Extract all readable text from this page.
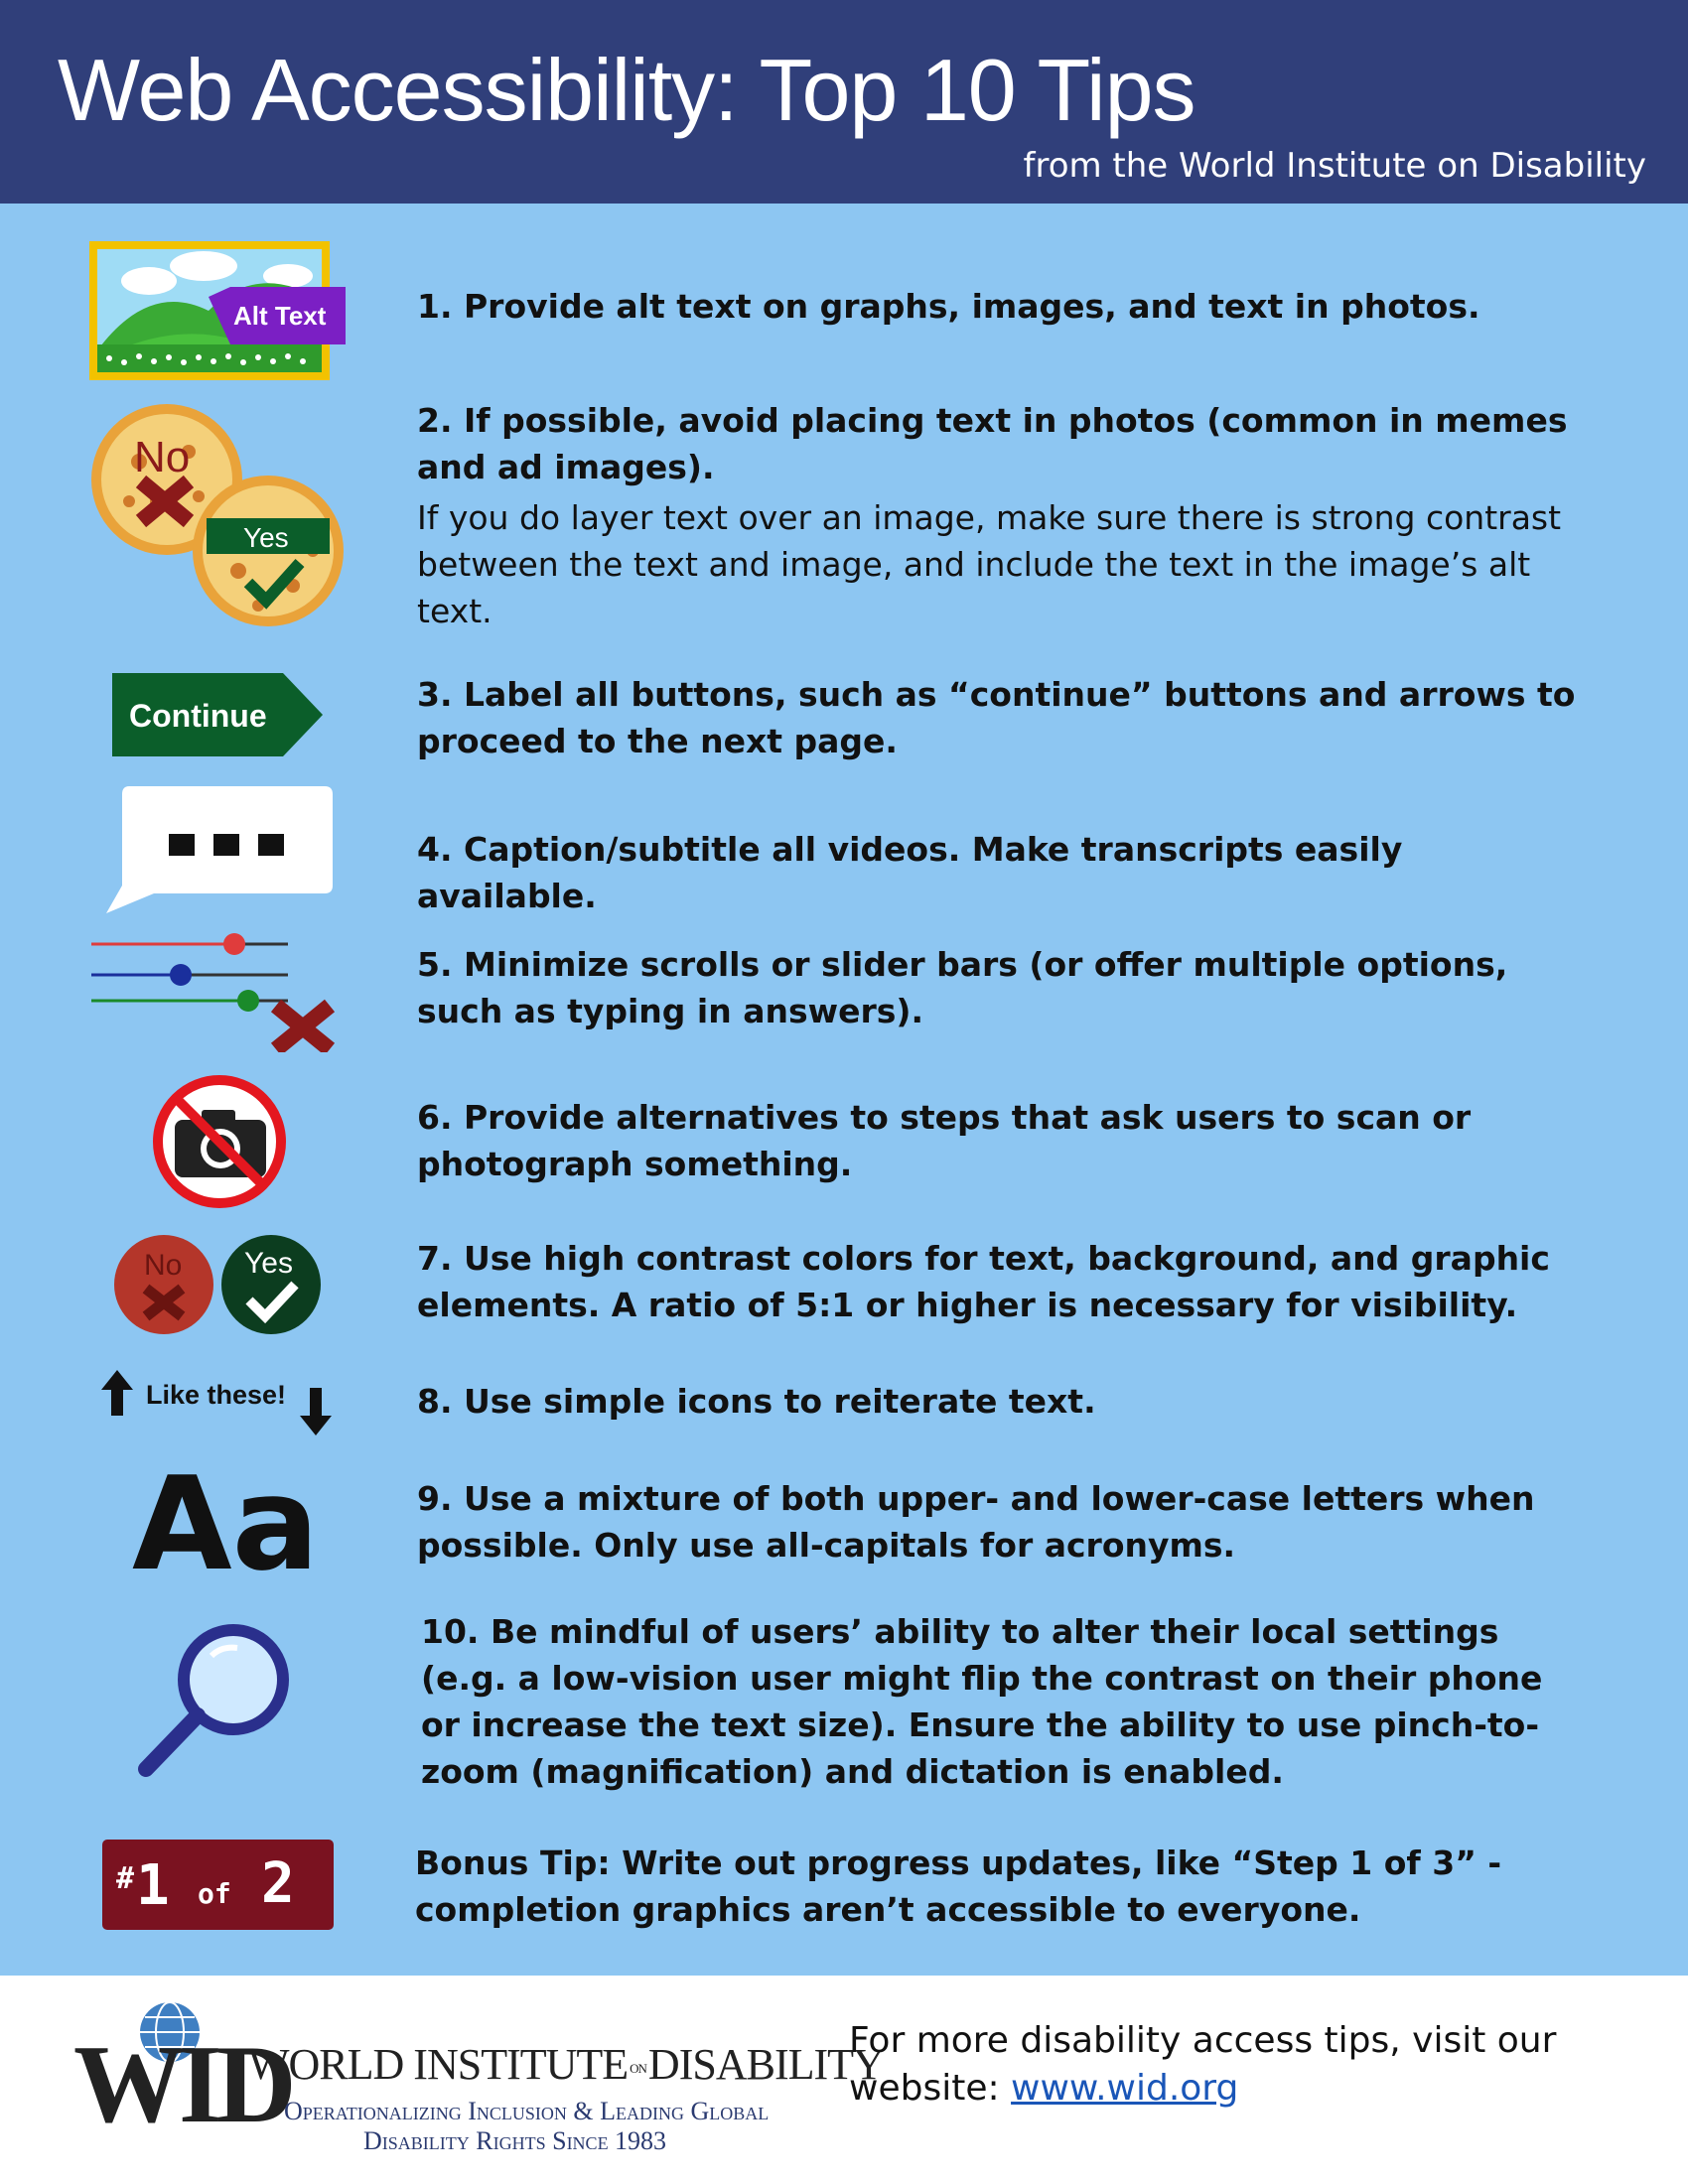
Web Accessibility: Top 10 Tips
from the World Institute on Disability
Alt Text	1. Provide alt text on graphs, images, and text in photos.
No
Yes
2. If possible, avoid placing text in photos (common in memes and ad images).
If you do layer text over an image, make sure there is strong contrast between the text and image, and include the text in the image’s alt text.
Continue
3. Label all buttons, such as “continue” buttons and arrows to proceed to the next page.
4. Caption/subtitle all videos. Make transcripts easily available.
5. Minimize scrolls or slider bars (or offer multiple options, such as typing in answers).
6. Provide alternatives to steps that ask users to scan or photograph something.
No Yes	7. Use high contrast colors for text, background, and graphic elements. A ratio of 5:1 or higher is necessary for visibility.
Like these!	8. Use simple icons to reiterate text.
Aa	9. Use a mixture of both upper- and lower-case letters when possible. Only use all-capitals for acronyms.
10. Be mindful of users’ ability to alter their local settings (e.g. a low-vision user might flip the contrast on their phone or increase the text size). Ensure the ability to use pinch-to-zoom (magnification) and dictation is enabled.
# 1 of 2	Bonus Tip: Write out progress updates, like “Step 1 of 3” - completion graphics aren’t accessible to everyone.
WID
WORLD INSTITUTE ONDISABILITY
Operationalizing Inclusion & Leading Global
Disability Rights Since 1983
For more disability access tips, visit our
website: www.wid.org
